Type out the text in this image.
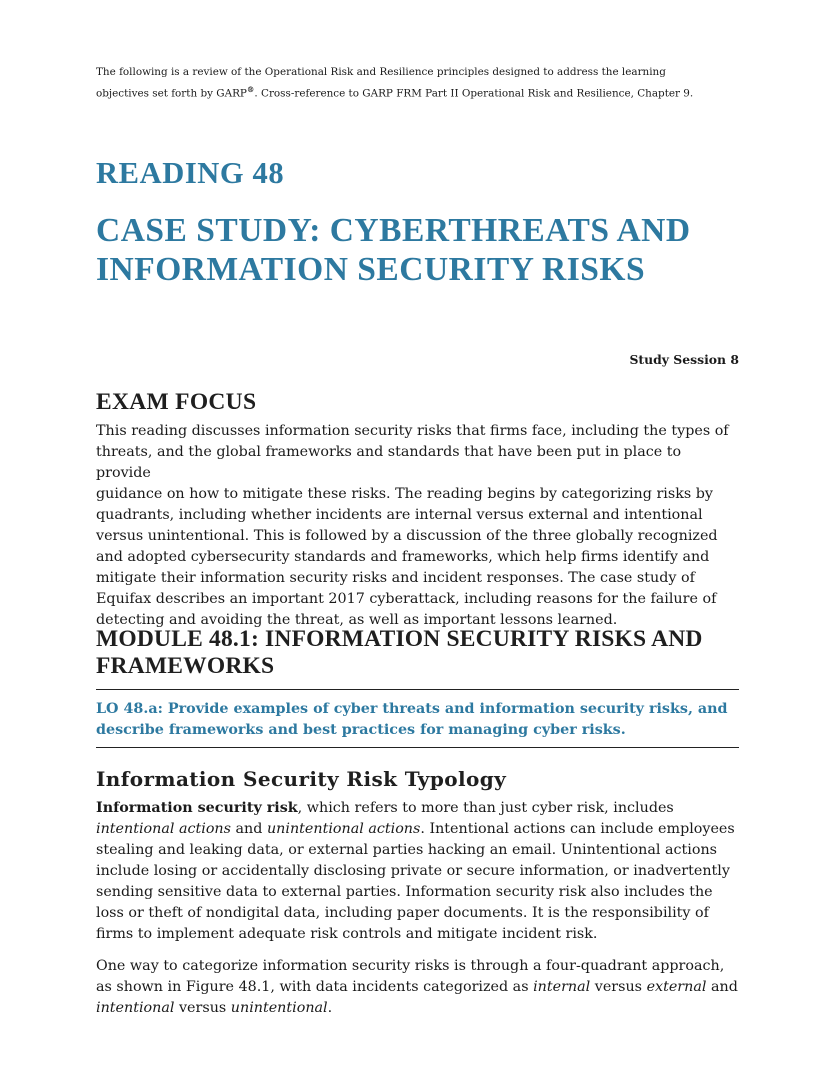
The following is a review of the Operational Risk and Resilience principles designed to address the learning
objectives set forth by GARP®. Cross-reference to GARP FRM Part II Operational Risk and Resilience, Chapter 9.
READING 48
CASE STUDY: CYBERTHREATS AND
INFORMATION SECURITY RISKS
Study Session 8
EXAM FOCUS
This reading discusses information security risks that firms face, including the types of
threats, and the global frameworks and standards that have been put in place to provide
guidance on how to mitigate these risks. The reading begins by categorizing risks by
quadrants, including whether incidents are internal versus external and intentional
versus unintentional. This is followed by a discussion of the three globally recognized
and adopted cybersecurity standards and frameworks, which help firms identify and
mitigate their information security risks and incident responses. The case study of
Equifax describes an important 2017 cyberattack, including reasons for the failure of
detecting and avoiding the threat, as well as important lessons learned.
MODULE 48.1: INFORMATION SECURITY RISKS AND
FRAMEWORKS
LO 48.a: Provide examples of cyber threats and information security risks, and
describe frameworks and best practices for managing cyber risks.
Information Security Risk Typology
Information security risk, which refers to more than just cyber risk, includes
intentional actions and unintentional actions. Intentional actions can include employees
stealing and leaking data, or external parties hacking an email. Unintentional actions
include losing or accidentally disclosing private or secure information, or inadvertently
sending sensitive data to external parties. Information security risk also includes the
loss or theft of nondigital data, including paper documents. It is the responsibility of
firms to implement adequate risk controls and mitigate incident risk.
One way to categorize information security risks is through a four-quadrant approach,
as shown in Figure 48.1, with data incidents categorized as internal versus external and
intentional versus unintentional.
